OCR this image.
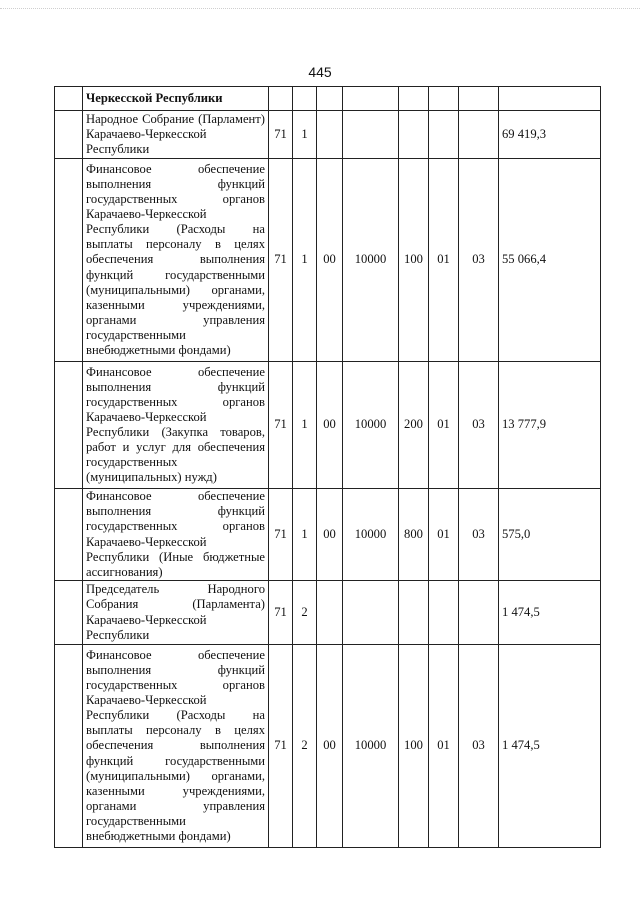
445
	Черкесской Республики								
	Народное Собрание (Парламент) Карачаево-Черкесской Республики	71	1						69 419,3
	Финансовое обеспечение выполнения функций государственных органов Карачаево-Черкесской Республики (Расходы на выплаты персоналу в целях обеспечения выполнения функций государственными (муниципальными) органами, казенными учреждениями, органами управления государственными внебюджетными фондами)	71	1	00	10000	100	01	03	55 066,4
	Финансовое обеспечение выполнения функций государственных органов Карачаево-Черкесской Республики (Закупка товаров, работ и услуг для обеспечения государственных (муниципальных) нужд)	71	1	00	10000	200	01	03	13 777,9
	Финансовое обеспечение выполнения функций государственных органов Карачаево-Черкесской Республики (Иные бюджетные ассигнования)	71	1	00	10000	800	01	03	575,0
	Председатель Народного Собрания (Парламента) Карачаево-Черкесской Республики	71	2						1 474,5
	Финансовое обеспечение выполнения функций государственных органов Карачаево-Черкесской Республики (Расходы на выплаты персоналу в целях обеспечения выполнения функций государственными (муниципальными) органами, казенными учреждениями, органами управления государственными внебюджетными фондами)	71	2	00	10000	100	01	03	1 474,5
